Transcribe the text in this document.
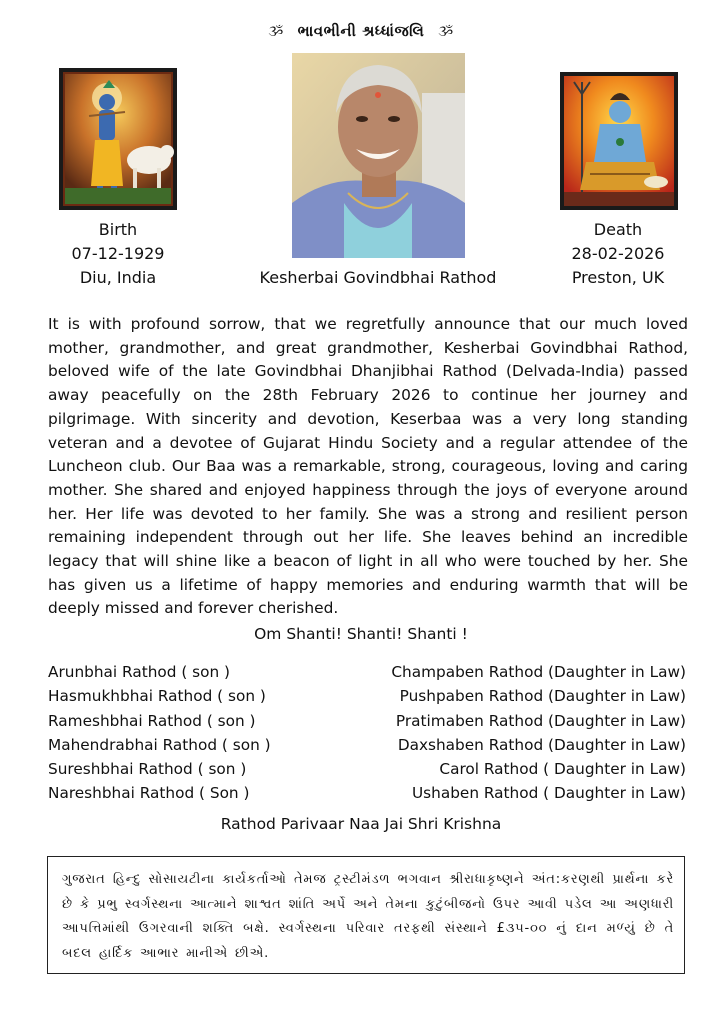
ૐ ભાવભીની શ્રધ્ધાંજલિ ૐ
Birth
07-12-1929
Diu, India	Kesherbai Govindbhai Rathod
Death
28-02-2026
Preston, UK
It is with profound sorrow, that we regretfully announce that our much loved mother, grandmother, and great grandmother, Kesherbai Govindbhai Rathod, beloved wife of the late Govindbhai Dhanjibhai Rathod (Delvada-India) passed away peacefully on the 28th February 2026 to continue her journey and pilgrimage. With sincerity and devotion, Keserbaa was a very long standing veteran and a devotee of Gujarat Hindu Society and a regular attendee of the Luncheon club. Our Baa was a remarkable, strong, courageous, loving and caring mother. She shared and enjoyed happiness through the joys of everyone around her. Her life was devoted to her family. She was a strong and resilient person remaining independent through out her life. She leaves behind an incredible legacy that will shine like a beacon of light in all who were touched by her. She has given us a lifetime of happy memories and enduring warmth that will be deeply missed and forever cherished.
Om Shanti! Shanti! Shanti !
Arunbhai Rathod ( son )
Hasmukhbhai Rathod ( son )
Rameshbhai Rathod ( son )
Mahendrabhai Rathod ( son )
Sureshbhai Rathod ( son )
Nareshbhai Rathod ( Son )
Champaben Rathod (Daughter in Law)
Pushpaben Rathod (Daughter in Law)
Pratimaben Rathod (Daughter in Law)
Daxshaben Rathod (Daughter in Law)
Carol Rathod ( Daughter in Law)
Ushaben Rathod ( Daughter in Law)
Rathod Parivaar Naa Jai Shri Krishna
ગુજરાત હિન્દુ સોસાયટીના કાર્યકર્તાઓ તેમજ ટ્રસ્ટીમંડળ ભગવાન શ્રીરાધાકૃષ્ણને અંત:કરણથી પ્રાર્થના કરે છે કે પ્રભુ સ્વર્ગસ્થના આત્માને શાશ્વત શાંતિ અર્પે અને તેમના કુટુંબીજનો ઉપર આવી પડેલ આ અણધારી આપત્તિમાંથી ઉગરવાની શક્તિ બક્ષે. સ્વર્ગસ્થના પરિવાર તરફથી સંસ્થાને £૩૫-૦૦ નું દાન મળ્યું છે તે બદલ હાર્દિક આભાર માનીએ છીએ.
